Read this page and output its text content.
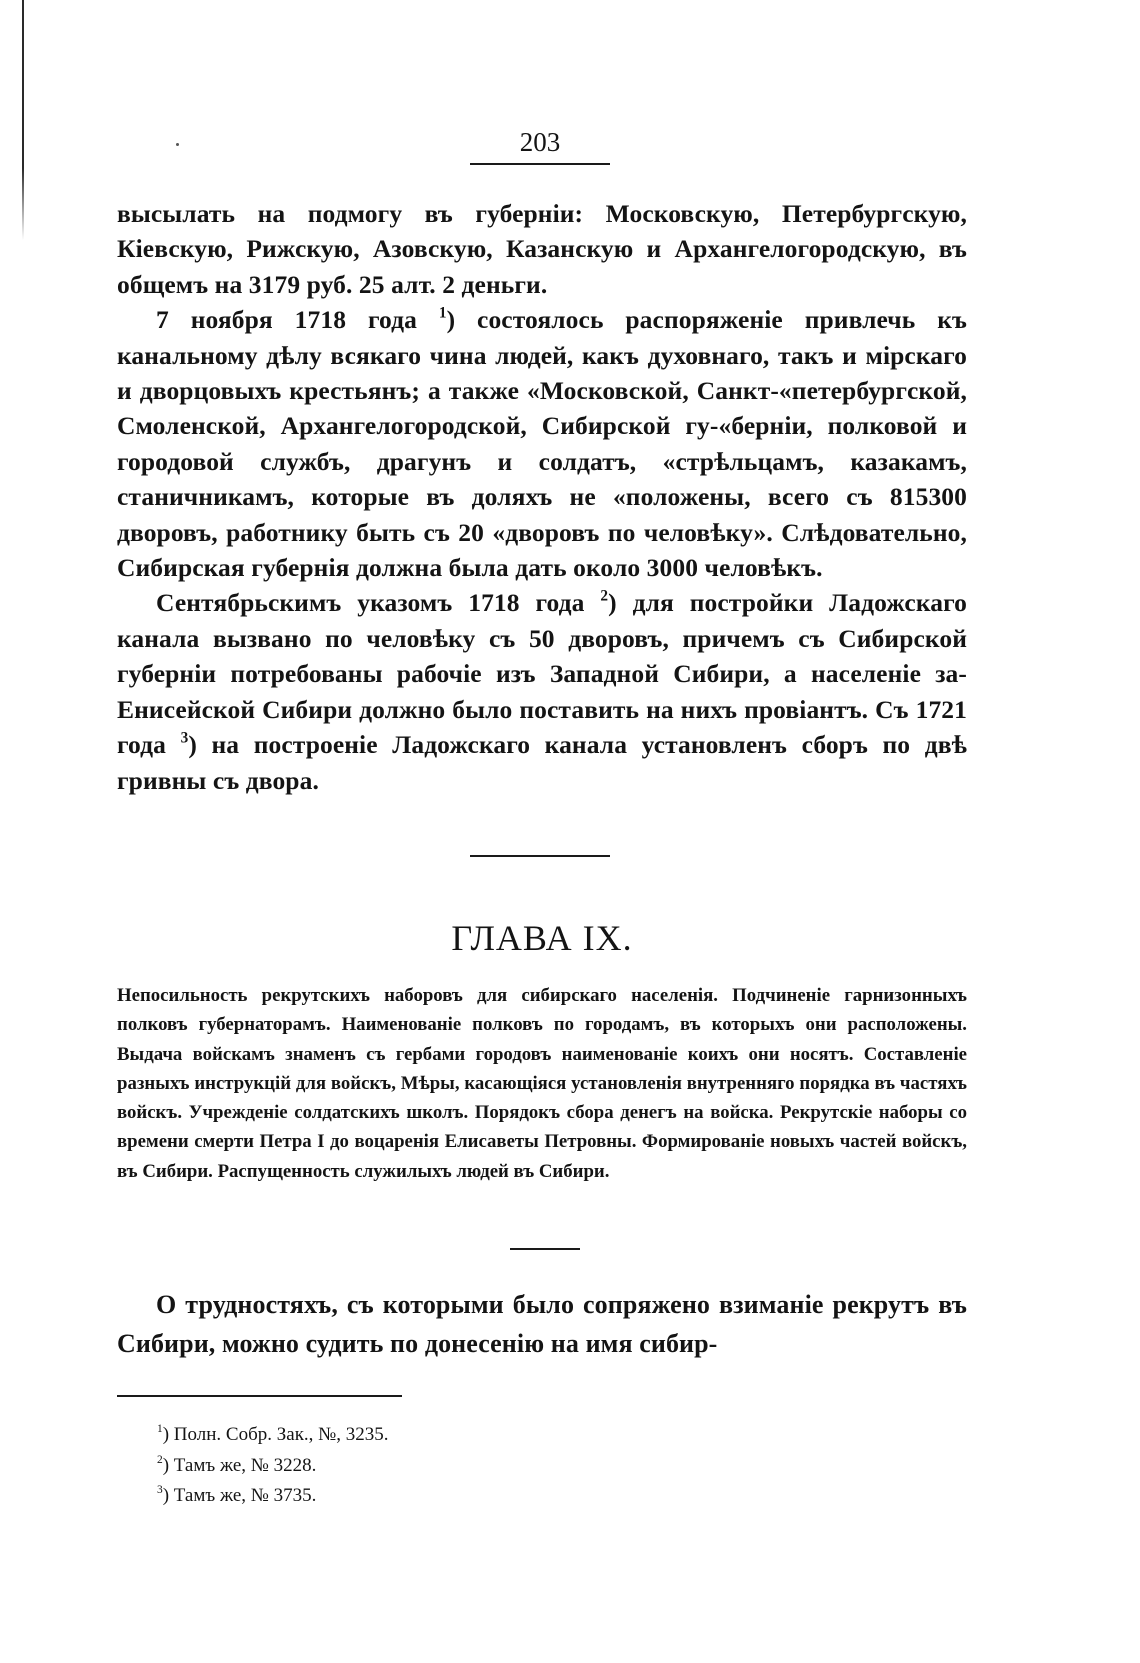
203

высылать на подмогу въ губерніи: Московскую, Петербургскую, Кіевскую, Рижскую, Азовскую, Казанскую и Архангелогородскую, въ общемъ на 3179 руб. 25 алт. 2 деньги.

7 ноября 1718 года $^1$) состоялось распоряженіе привлечь къ канальному дѣлу всякаго чина людей, какъ духовнаго, такъ и мірскаго и дворцовыхъ крестьянъ; а также «Московской, Санкт-«петербургской, Смоленской, Архангелогородской, Сибирской гу-«берніи, полковой и городовой службъ, драгунъ и солдатъ, «стрѣльцамъ, казакамъ, станичникамъ, которые въ доляхъ не «положены, всего съ 815300 дворовъ, работнику быть съ 20 «дворовъ по человѣку». Слѣдовательно, Сибирская губернія должна была дать около 3000 человѣкъ.

Сентябрьскимъ указомъ 1718 года $^2$) для постройки Ладожскаго канала вызвано по человѣку съ 50 дворовъ, причемъ съ Сибирской губерніи потребованы рабочіе изъ Западной Сибири, а населеніе за-Енисейской Сибири должно было поставить на нихъ провіантъ. Съ 1721 года $^3$) на построеніе Ладожскаго канала установленъ сборъ по двѣ гривны съ двора.

ГЛАВА IX.
Непосильность рекрутскихъ наборовъ для сибирскаго населенія. Подчиненіе гарнизонныхъ полковъ губернаторамъ. Наименованіе полковъ по городамъ, въ которыхъ они расположены. Выдача войскамъ знаменъ съ гербами городовъ наименованіе коихъ они носятъ. Составленіе разныхъ инструкцій для войскъ, Мѣры, касающіяся установленія внутренняго порядка въ частяхъ войскъ. Учрежденіе солдатскихъ школъ. Порядокъ сбора денегъ на войска. Рекрутскіе наборы со времени смерти Петра I до воцаренія Елисаветы Петровны. Формированіе новыхъ частей войскъ, въ Сибири. Распущенность служилыхъ людей въ Сибири.

О трудностяхъ, съ которыми было сопряжено взиманіе рекрутъ въ Сибири, можно судить по донесенію на имя сибир-

$^1$) Полн. Собр. Зак., №, 3235.
$^2$) Тамъ же, № 3228.
$^3$) Тамъ же, № 3735.
